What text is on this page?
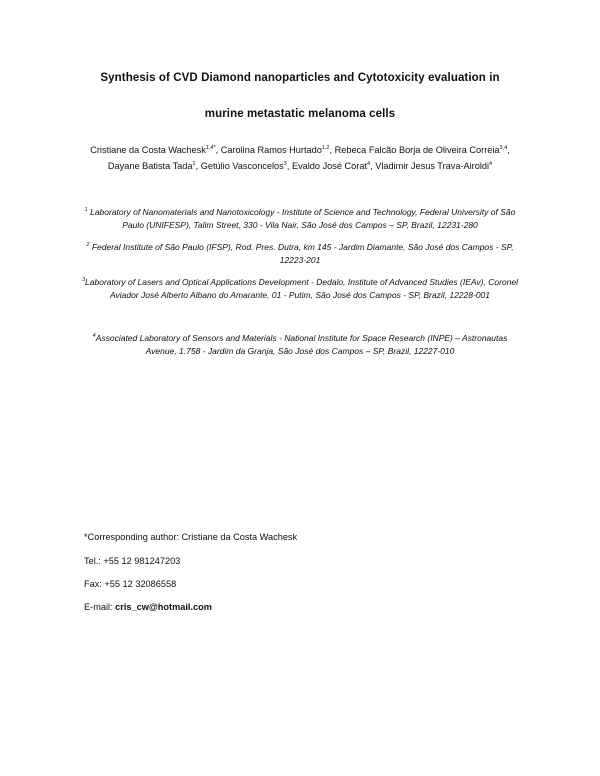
Synthesis of CVD Diamond nanoparticles and Cytotoxicity evaluation in
murine metastatic melanoma cells
Cristiane da Costa Wachesk$^{1,4*}$, Carolina Ramos Hurtado$^{1,2}$, Rebeca Falcão Borja de Oliveira Correia$^{3,4}$, Dayane Batista Tada$^1$, Getúlio Vasconcelos$^3$, Evaldo José Corat$^4$, Vladimir Jesus Trava-Airoldi$^4$
$^1$ Laboratory of Nanomaterials and Nanotoxicology - Institute of Science and Technology, Federal University of São Paulo (UNIFESP), Talim Street, 330 - Vila Nair, São José dos Campos – SP, Brazil, 12231-280
$^2$ Federal Institute of São Paulo (IFSP), Rod. Pres. Dutra, km 145 - Jardim Diamante, São José dos Campos - SP, 12223-201
$^3$Laboratory of Lasers and Optical Applications Development - Dedalo, Institute of Advanced Studies (IEAv), Coronel Aviador José Alberto Albano do Amarante, 01 - Putim, São José dos Campos - SP, Brazil, 12228-001
$^4$Associated Laboratory of Sensors and Materials - National Institute for Space Research (INPE) – Astronautas Avenue, 1.758 - Jardim da Granja, São José dos Campos – SP, Brazil, 12227-010
*Corresponding author: Cristiane da Costa Wachesk
Tel.: +55 12 981247203
Fax: +55 12 32086558
E-mail: cris_cw@hotmail.com
